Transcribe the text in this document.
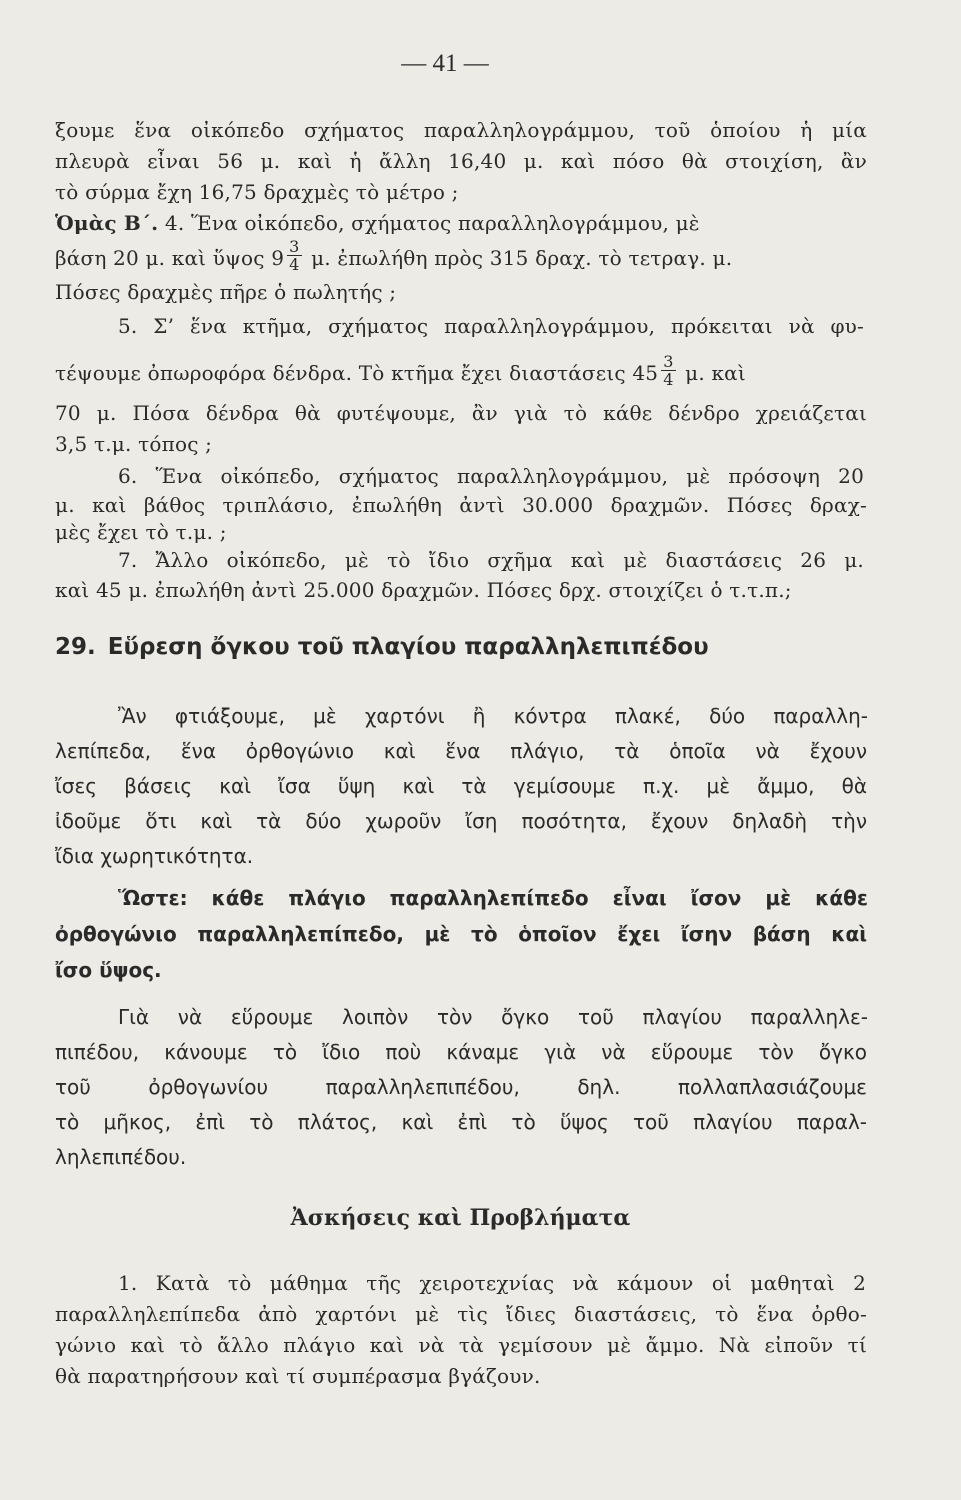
— 41 —
ξουμε ἕνα οἰκόπεδο σχήματος παραλληλογράμμου, τοῦ ὁποίου ἡ μία
πλευρὰ εἶναι 56 μ. καὶ ἡ ἄλλη 16,40 μ. καὶ πόσο θὰ στοιχίση, ἂν
τὸ σύρμα ἔχη 16,75 δραχμὲς τὸ μέτρο ;
Ὁμὰς Β΄. 4. Ἕνα οἰκόπεδο, σχήματος παραλληλογράμμου, μὲ
βάση 20 μ. καὶ ὕψος $9 \frac{3}{4} \mu$. ἐπωλήθη πρὸς 315 δραχ. τὸ τετραγ. μ.
Πόσες δραχμὲς πῆρε ὁ πωλητής ;
5. Σ’ ἕνα κτῆμα, σχήματος παραλληλογράμμου, πρόκειται νὰ φυ-
τέψουμε ὀπωροφόρα δένδρα. Τὸ κτῆμα ἔχει διαστάσεις $45 \frac{3}{4} \mu$. καὶ
70 μ. Πόσα δένδρα θὰ φυτέψουμε, ἂν γιὰ τὸ κάθε δένδρο χρειάζεται
3,5 τ.μ. τόπος ;
6. Ἕνα οἰκόπεδο, σχήματος παραλληλογράμμου, μὲ πρόσοψη 20
μ. καὶ βάθος τριπλάσιο, ἐπωλήθη ἀντὶ 30.000 δραχμῶν. Πόσες δραχ-
μὲς ἔχει τὸ τ.μ. ;
7. Ἄλλο οἰκόπεδο, μὲ τὸ ἴδιο σχῆμα καὶ μὲ διαστάσεις 26 μ.
καὶ 45 μ. ἐπωλήθη ἀντὶ 25.000 δραχμῶν. Πόσες δρχ. στοιχίζει ὁ τ.τ.π.;
29. Εὕρεση ὄγκου τοῦ πλαγίου παραλληλεπιπέδου
Ἂν φτιάξουμε, μὲ χαρτόνι ἢ κόντρα πλακέ, δύο παραλλη-
λεπίπεδα, ἕνα ὀρθογώνιο καὶ ἕνα πλάγιο, τὰ ὁποῖα νὰ ἔχουν
ἴσες βάσεις καὶ ἴσα ὕψη καὶ τὰ γεμίσουμε π.χ. μὲ ἄμμο, θὰ
ἰδοῦμε ὅτι καὶ τὰ δύο χωροῦν ἴση ποσότητα, ἔχουν δηλαδὴ τὴν
ἴδια χωρητικότητα.
Ὥστε: κάθε πλάγιο παραλληλεπίπεδο εἶναι ἴσον μὲ κάθε
ὀρθογώνιο παραλληλεπίπεδο, μὲ τὸ ὁποῖον ἔχει ἴσην βάση καὶ
ἴσο ὕψος.
Γιὰ νὰ εὕρουμε λοιπὸν τὸν ὄγκο τοῦ πλαγίου παραλληλε-
πιπέδου, κάνουμε τὸ ἴδιο ποὺ κάναμε γιὰ νὰ εὕρουμε τὸν ὄγκο
τοῦ ὀρθογωνίου παραλληλεπιπέδου, δηλ. πολλαπλασιάζουμε
τὸ μῆκος, ἐπὶ τὸ πλάτος, καὶ ἐπὶ τὸ ὕψος τοῦ πλαγίου παραλ-
ληλεπιπέδου.
Ἀσκήσεις καὶ Προβλήματα
1. Κατὰ τὸ μάθημα τῆς χειροτεχνίας νὰ κάμουν οἱ μαθηταὶ 2
παραλληλεπίπεδα ἀπὸ χαρτόνι μὲ τὶς ἴδιες διαστάσεις, τὸ ἕνα ὀρθο-
γώνιο καὶ τὸ ἄλλο πλάγιο καὶ νὰ τὰ γεμίσουν μὲ ἄμμο. Νὰ εἰποῦν τί
θὰ παρατηρήσουν καὶ τί συμπέρασμα βγάζουν.
